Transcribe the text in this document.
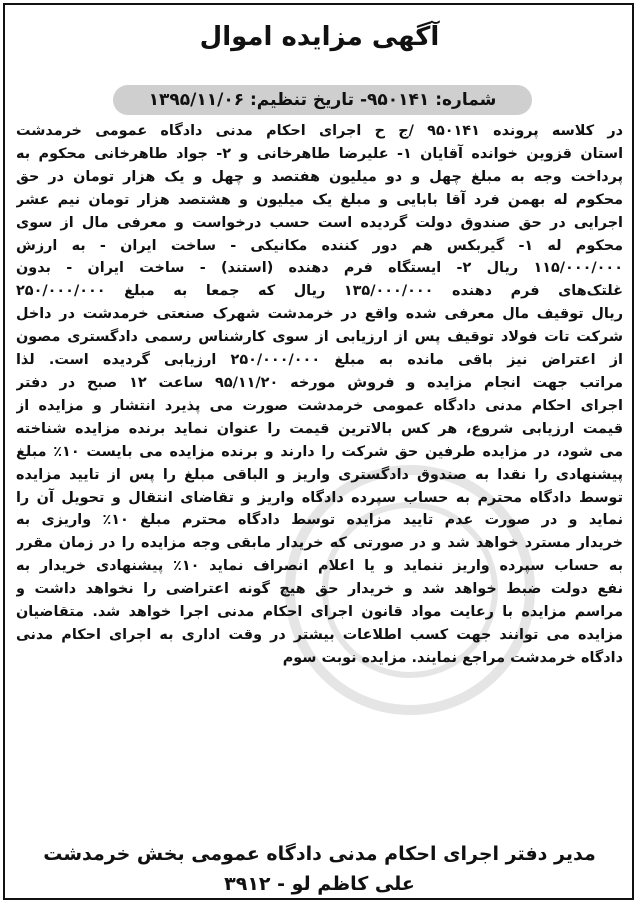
آگهی مزایده اموال
شماره: ۹۵۰۱۴۱- تاریخ تنظیم: ۱۳۹۵/۱۱/۰۶
در کلاسه پرونده ۹۵۰۱۴۱ /ج ح اجرای احکام مدنی دادگاه عمومی خرمدشت
استان قزوین خوانده آقایان ۱- علیرضا طاهرخانی و ۲- جواد طاهرخانی محکوم به
پرداخت وجه به مبلغ چهل و دو میلیون هفتصد و چهل و یک هزار تومان در حق
محکوم له بهمن فرد آقا بابایی و مبلغ یک میلیون و هشتصد هزار تومان نیم عشر
اجرایی در حق صندوق دولت گردیده است حسب درخواست و معرفی مال از سوی
محکوم له ۱- گیربکس هم دور کننده مکانیکی - ساخت ایران - به ارزش
۱۱۵/۰۰۰/۰۰۰ ریال ۲- ایستگاه فرم دهنده (استند) - ساخت ایران - بدون
غلتک‌های فرم دهنده ۱۳۵/۰۰۰/۰۰۰ ریال که جمعا به مبلغ ۲۵۰/۰۰۰/۰۰۰
ریال توقیف مال معرفی شده واقع در خرمدشت شهرک صنعتی خرمدشت در داخل
شرکت تات فولاد توقیف پس از ارزیابی از سوی کارشناس رسمی دادگستری مصون
از اعتراض نیز باقی مانده به مبلغ ۲۵۰/۰۰۰/۰۰۰ ارزیابی گردیده است. لذا
مراتب جهت انجام مزایده و فروش مورخه ۹۵/۱۱/۲۰ ساعت ۱۲ صبح در دفتر
اجرای احکام مدنی دادگاه عمومی خرمدشت صورت می پذیرد انتشار و مزایده از
قیمت ارزیابی شروع، هر کس بالاترین قیمت را عنوان نماید برنده مزایده شناخته
می شود، در مزایده طرفین حق شرکت را دارند و برنده مزایده می بایست ۱۰٪ مبلغ
پیشنهادی را نقدا به صندوق دادگستری واریز و الباقی مبلغ را پس از تایید مزایده
توسط دادگاه محترم به حساب سپرده دادگاه واریز و تقاضای انتقال و تحویل آن را
نماید و در صورت عدم تایید مزایده توسط دادگاه محترم مبلغ ۱۰٪ واریزی به
خریدار مسترد خواهد شد و در صورتی که خریدار مابقی وجه مزایده را در زمان مقرر
به حساب سپرده واریز ننماید و یا اعلام انصراف نماید ۱۰٪ پیشنهادی خریدار به
نفع دولت ضبط خواهد شد و خریدار حق هیچ گونه اعتراضی را نخواهد داشت و
مراسم مزایده با رعایت مواد قانون اجرای احکام مدنی اجرا خواهد شد. متقاضیان
مزایده می توانند جهت کسب اطلاعات بیشتر در وقت اداری به اجرای احکام مدنی
دادگاه خرمدشت مراجع نمایند. مزایده نوبت سوم
مدیر دفتر اجرای احکام مدنی دادگاه عمومی بخش خرمدشت
علی کاظم لو - ۳۹۱۲
